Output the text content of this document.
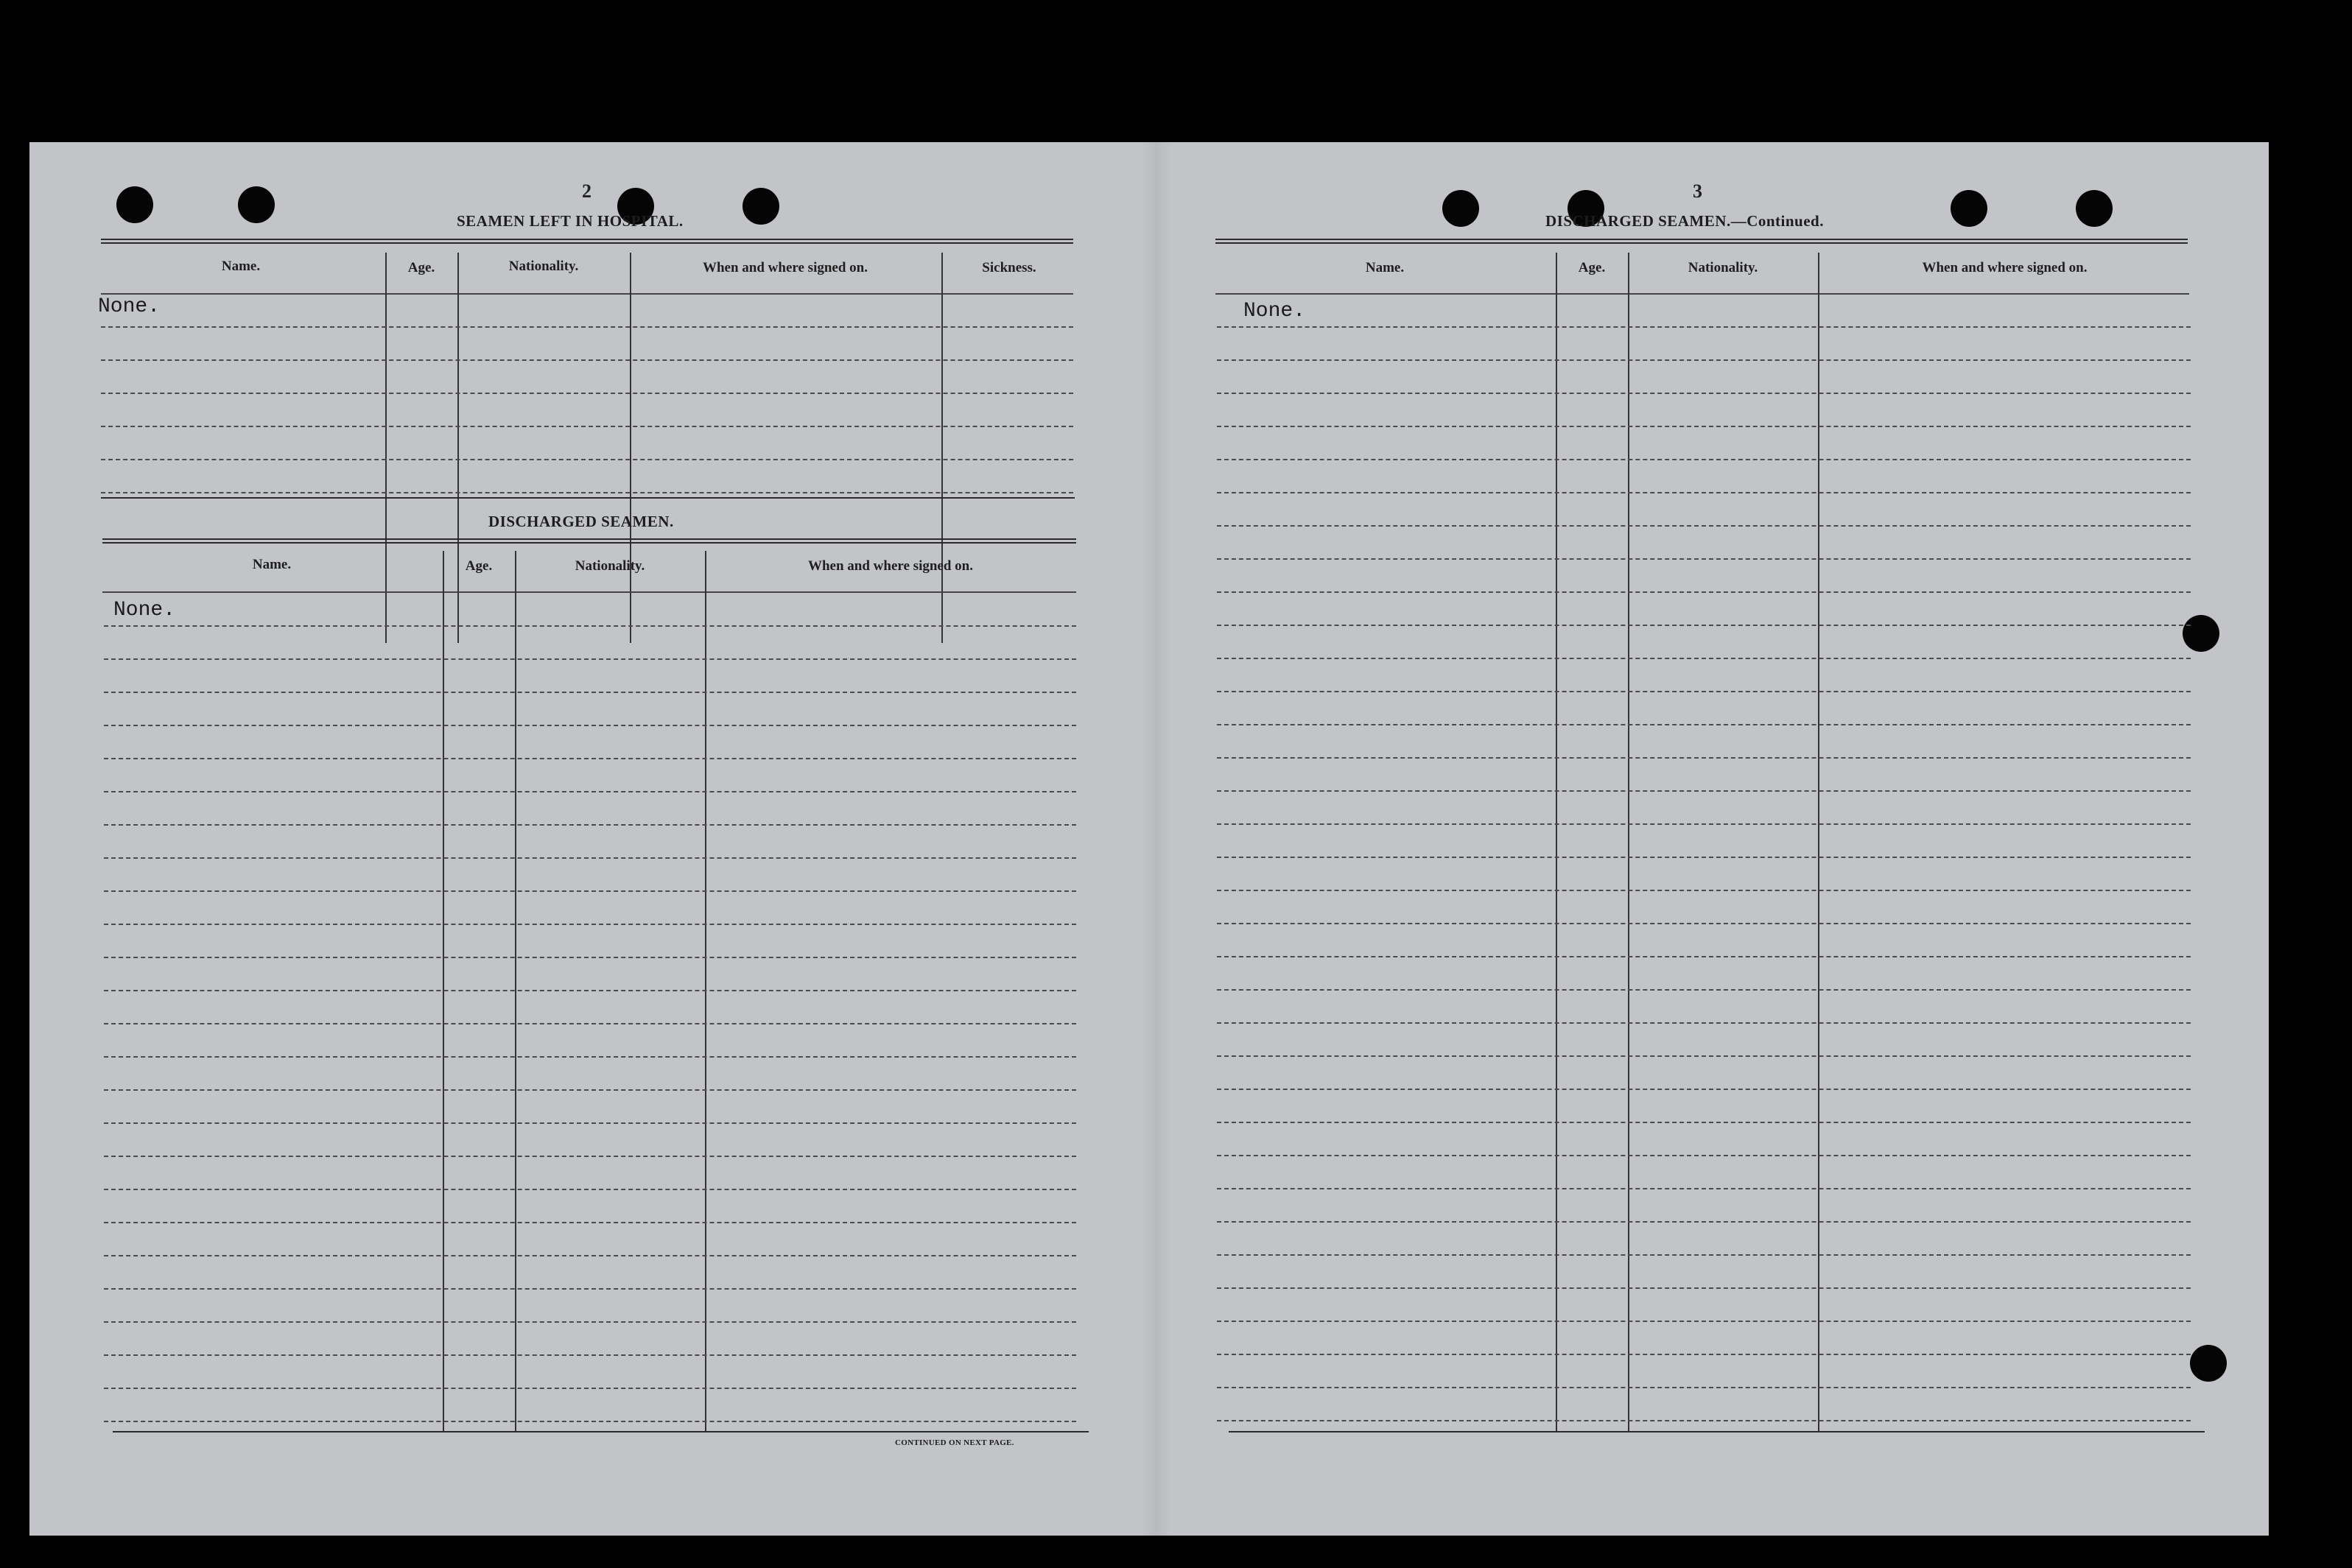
2
SEAMEN LEFT IN HOSPITAL.
Name.	Age.	Nationality.	When and where signed on.	Sickness.
None.
DISCHARGED SEAMEN.
Name.	Age.	Nationality.	When and where signed on.
None.
CONTINUED ON NEXT PAGE.
3
DISCHARGED SEAMEN.—Continued.
Name.	Age.	Nationality.	When and where signed on.
None.
